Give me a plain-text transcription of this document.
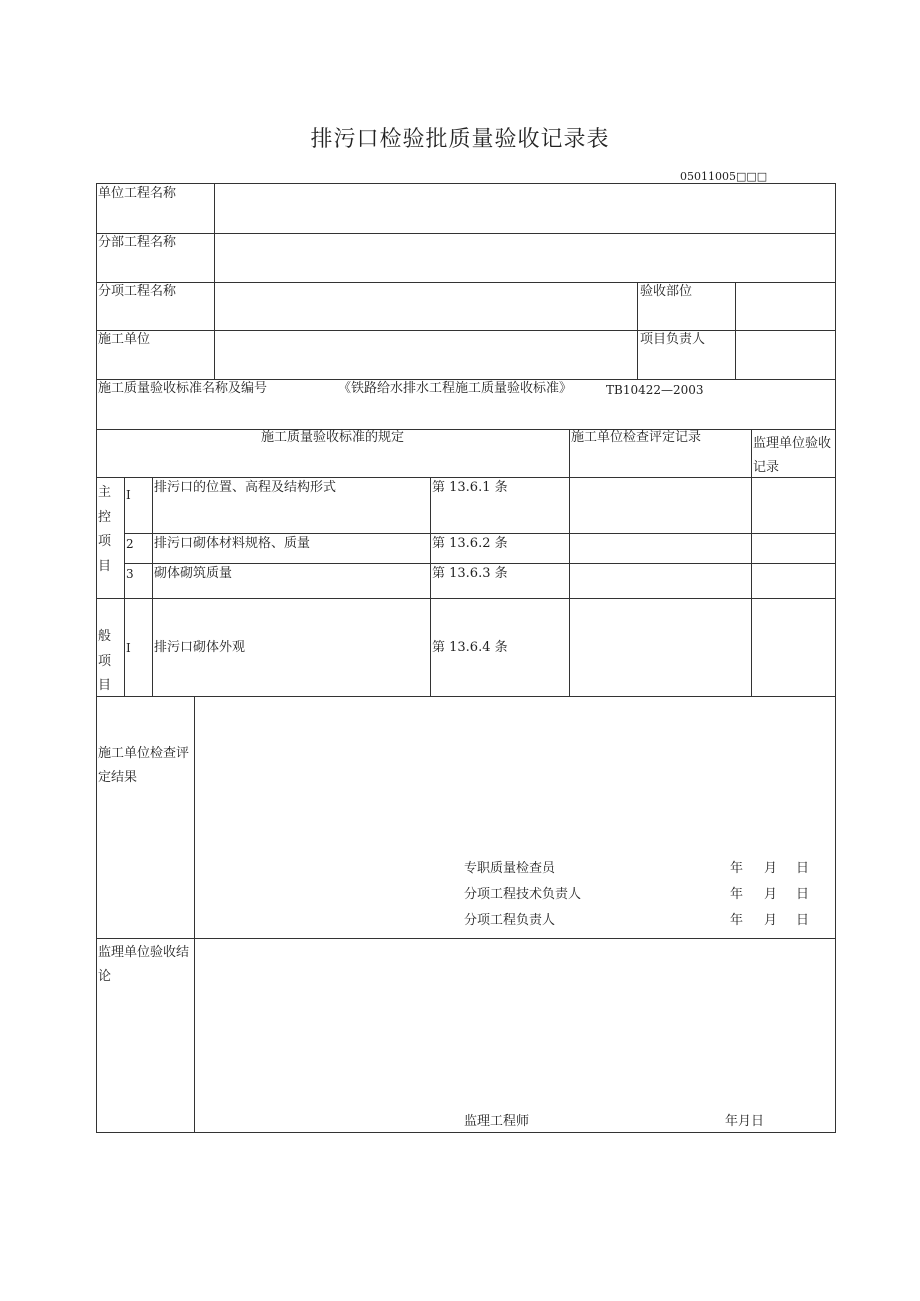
排污口检验批质量验收记录表
05011005□□□
单位工程名称
分部工程名称
分项工程名称	验收部位
施工单位	项目负责人
施工质量验收标准名称及编号	《铁路给水排水工程施工质量验收标准》	TB10422—2003
施工质量验收标准的规定	施工单位检查评定记录	监理单位验收记录
主控项目
I 排污口的位置、高程及结构形式	第 13.6.1 条
2 排污口砌体材料规格、质量	第 13.6.2 条
3 砌体砌筑质量	第 13.6.3 条
般项目
I 排污口砌体外观	第 13.6.4 条
施工单位检查评定结果
专职质量检查员	年 月 日
分项工程技术负责人	年 月 日
分项工程负责人	年 月 日
监理单位验收结论
监理工程师	年月日
